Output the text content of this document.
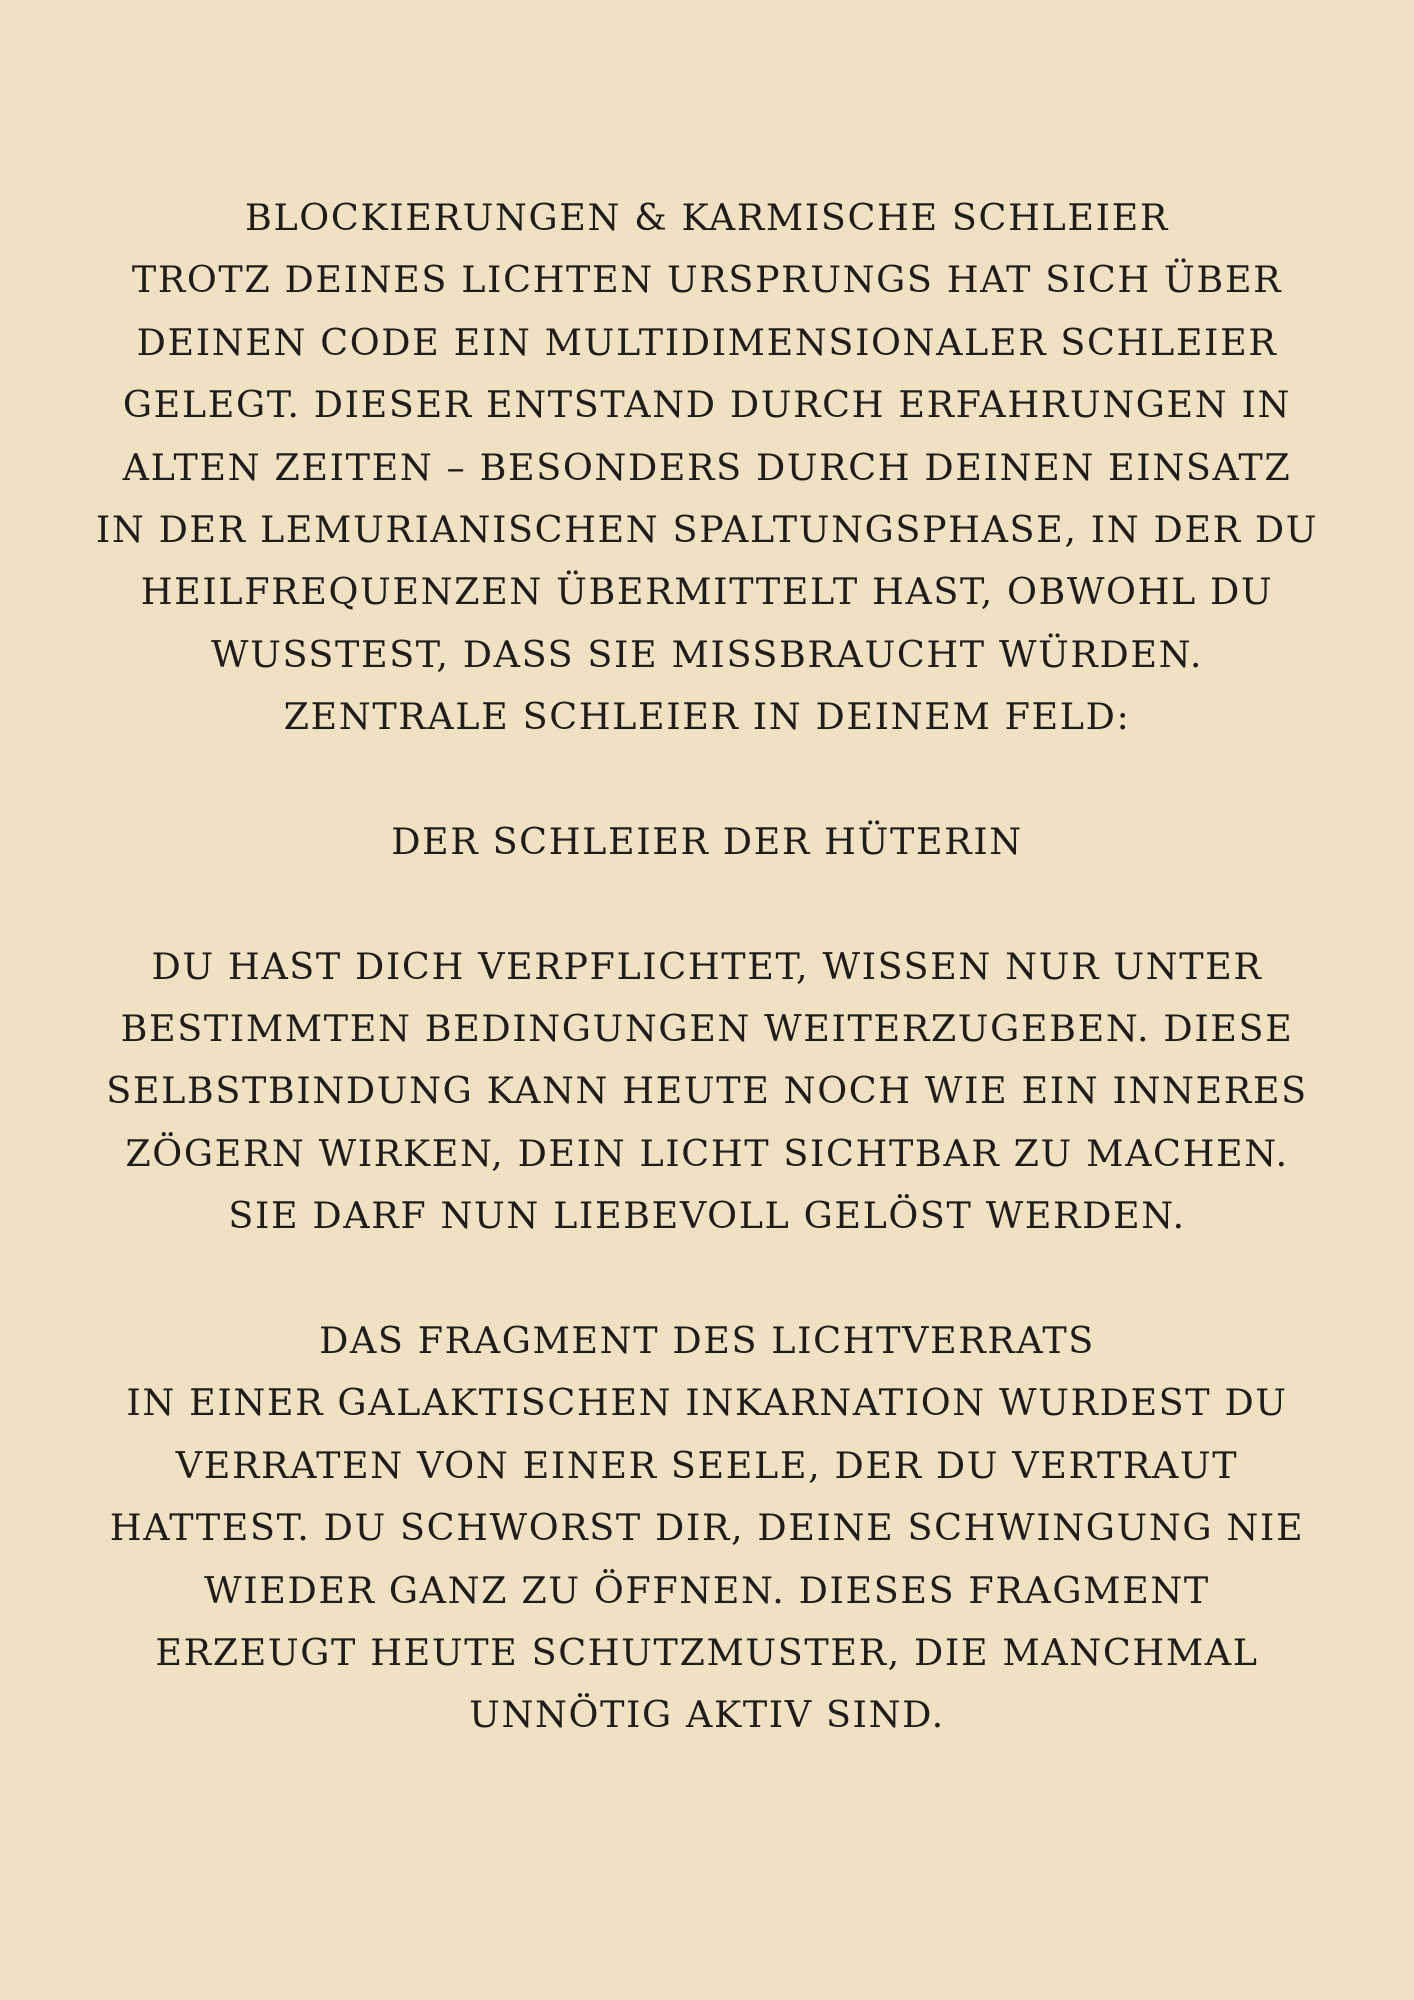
BLOCKIERUNGEN & KARMISCHE SCHLEIER
TROTZ DEINES LICHTEN URSPRUNGS HAT SICH ÜBER
DEINEN CODE EIN MULTIDIMENSIONALER SCHLEIER
GELEGT. DIESER ENTSTAND DURCH ERFAHRUNGEN IN
ALTEN ZEITEN – BESONDERS DURCH DEINEN EINSATZ
IN DER LEMURIANISCHEN SPALTUNGSPHASE, IN DER DU
HEILFREQUENZEN ÜBERMITTELT HAST, OBWOHL DU
WUSSTEST, DASS SIE MISSBRAUCHT WÜRDEN.
ZENTRALE SCHLEIER IN DEINEM FELD:
DER SCHLEIER DER HÜTERIN
DU HAST DICH VERPFLICHTET, WISSEN NUR UNTER
BESTIMMTEN BEDINGUNGEN WEITERZUGEBEN. DIESE
SELBSTBINDUNG KANN HEUTE NOCH WIE EIN INNERES
ZÖGERN WIRKEN, DEIN LICHT SICHTBAR ZU MACHEN.
SIE DARF NUN LIEBEVOLL GELÖST WERDEN.
DAS FRAGMENT DES LICHTVERRATS
IN EINER GALAKTISCHEN INKARNATION WURDEST DU
VERRATEN VON EINER SEELE, DER DU VERTRAUT
HATTEST. DU SCHWORST DIR, DEINE SCHWINGUNG NIE
WIEDER GANZ ZU ÖFFNEN. DIESES FRAGMENT
ERZEUGT HEUTE SCHUTZMUSTER, DIE MANCHMAL
UNNÖTIG AKTIV SIND.
